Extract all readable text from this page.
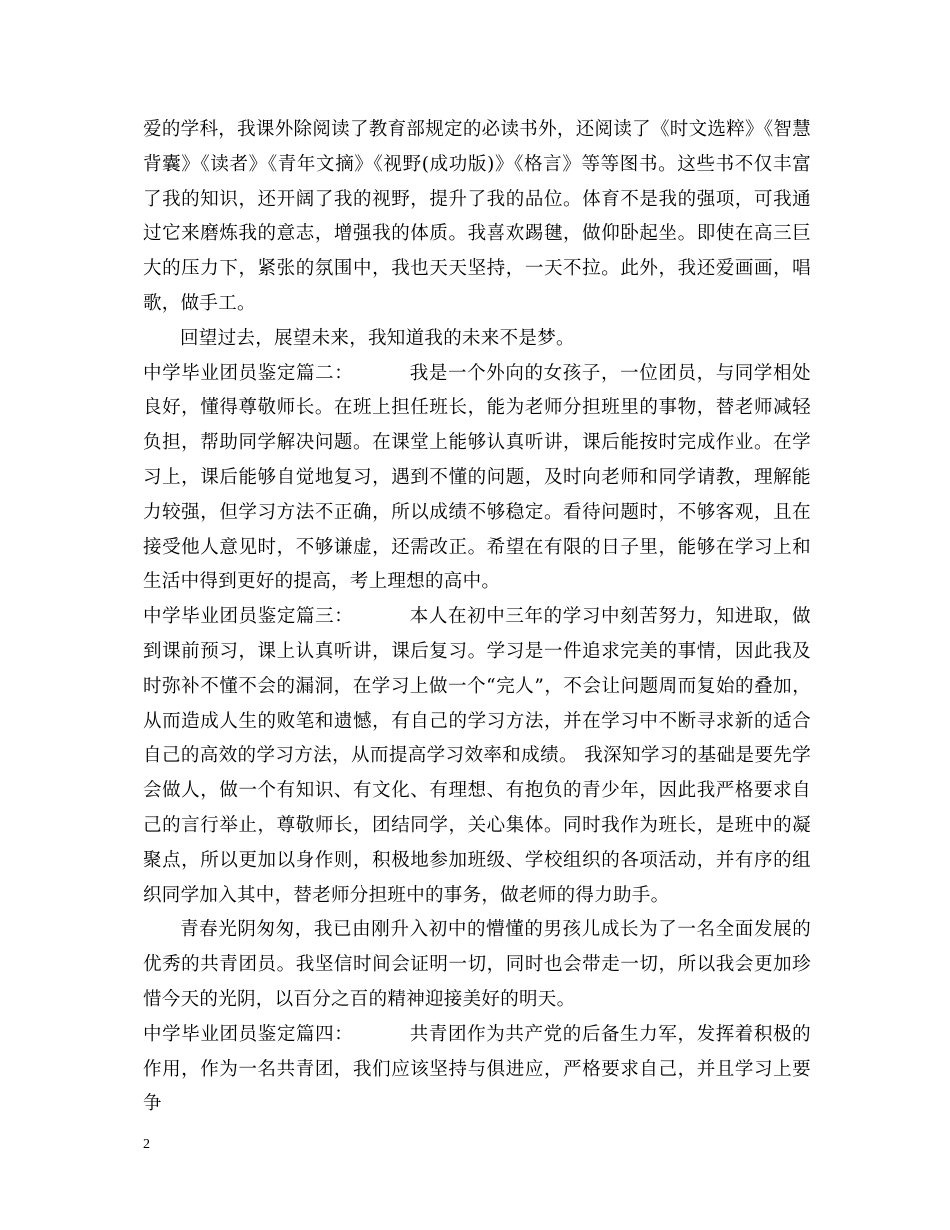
爱的学科，我课外除阅读了教育部规定的必读书外，还阅读了《时文选粹》《智慧背囊》《读者》《青年文摘》《视野(成功版)》《格言》等等图书。这些书不仅丰富了我的知识，还开阔了我的视野，提升了我的品位。体育不是我的强项，可我通过它来磨炼我的意志，增强我的体质。我喜欢踢毽，做仰卧起坐。即使在高三巨大的压力下，紧张的氛围中，我也天天坚持，一天不拉。此外，我还爱画画，唱歌，做手工。

回望过去，展望未来，我知道我的未来不是梦。

中学毕业团员鉴定篇二：	我是一个外向的女孩子，一位团员，与同学相处良好，懂得尊敬师长。在班上担任班长，能为老师分担班里的事物，替老师减轻负担，帮助同学解决问题。在课堂上能够认真听讲，课后能按时完成作业。在学习上，课后能够自觉地复习，遇到不懂的问题，及时向老师和同学请教，理解能力较强，但学习方法不正确，所以成绩不够稳定。看待问题时，不够客观，且在接受他人意见时，不够谦虚，还需改正。希望在有限的日子里，能够在学习上和生活中得到更好的提高，考上理想的高中。

中学毕业团员鉴定篇三：	本人在初中三年的学习中刻苦努力，知进取，做到课前预习，课上认真听讲，课后复习。学习是一件追求完美的事情，因此我及时弥补不懂不会的漏洞，在学习上做一个“完人”，不会让问题周而复始的叠加，从而造成人生的败笔和遗憾，有自己的学习方法，并在学习中不断寻求新的适合自己的高效的学习方法，从而提高学习效率和成绩。 我深知学习的基础是要先学会做人，做一个有知识、有文化、有理想、有抱负的青少年，因此我严格要求自己的言行举止，尊敬师长，团结同学，关心集体。同时我作为班长，是班中的凝聚点，所以更加以身作则，积极地参加班级、学校组织的各项活动，并有序的组织同学加入其中，替老师分担班中的事务，做老师的得力助手。

青春光阴匆匆，我已由刚升入初中的懵懂的男孩儿成长为了一名全面发展的优秀的共青团员。我坚信时间会证明一切，同时也会带走一切，所以我会更加珍惜今天的光阴，以百分之百的精神迎接美好的明天。

中学毕业团员鉴定篇四：	共青团作为共产党的后备生力军，发挥着积极的作用，作为一名共青团，我们应该坚持与俱进应，严格要求自己，并且学习上要争

2
